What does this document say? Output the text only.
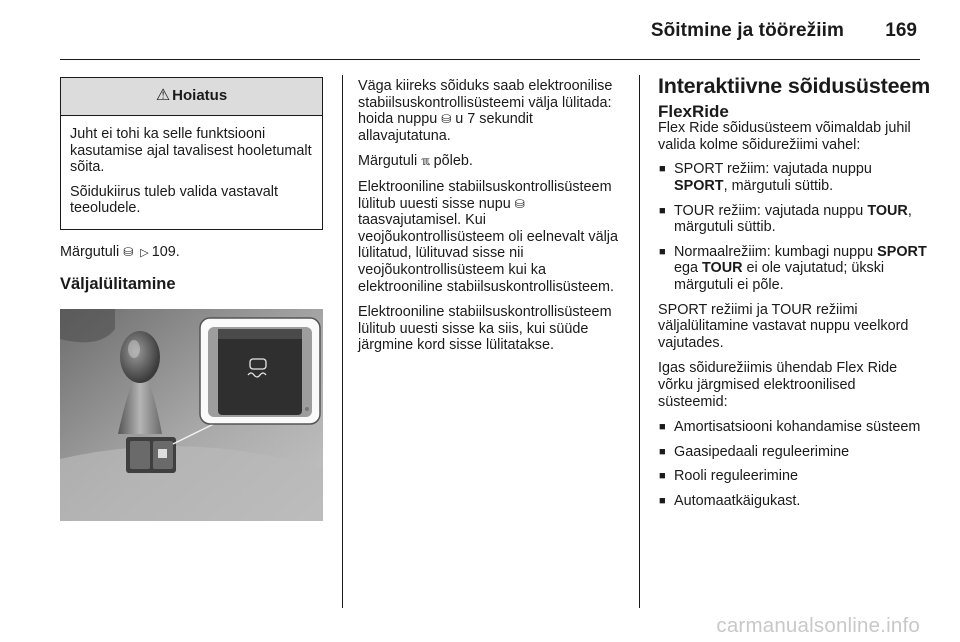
Sõitmine ja töörežiim 169
⚠ Hoiatus

Juht ei tohi ka selle funktsiooni kasutamise ajal tavalisest hooletumalt sõita.

Sõidukiirus tuleb valida vastavalt teeoludele.

Märgutuli ⛁ ▷ 109.

Väljalülitamine

Väga kiireks sõiduks saab elektroonilise stabiilsuskontrollisüsteemi välja lülitada: hoida nuppu ⛁ u 7 sekundit allavajutatuna.

Märgutuli ℼ põleb.

Elektrooniline stabiilsuskontrollisüsteem lülitub uuesti sisse nupu ⛁ taasvajutamisel. Kui veojõukontrollisüsteem oli eelnevalt välja lülitatud, lülituvad sisse nii veojõukontrollisüsteem kui ka elektrooniline stabiilsuskontrollisüsteem.

Elektrooniline stabiilsuskontrollisüsteem lülitub uuesti sisse ka siis, kui süüde järgmine kord sisse lülitatakse.

Interaktiivne sõidusüsteem

FlexRide

Flex Ride sõidusüsteem võimaldab juhil valida kolme sõidurežiimi vahel:

■ SPORT režiim: vajutada nuppu SPORT, märgutuli süttib.
■ TOUR režiim: vajutada nuppu TOUR, märgutuli süttib.
■ Normaalrežiim: kumbagi nuppu SPORT ega TOUR ei ole vajutatud; ükski märgutuli ei põle.

SPORT režiimi ja TOUR režiimi väljalülitamine vastavat nuppu veelkord vajutades.

Igas sõidurežiimis ühendab Flex Ride võrku järgmised elektroonilised süsteemid:

■ Amortisatsiooni kohandamise süsteem
■ Gaasipedaali reguleerimine
■ Rooli reguleerimine
■ Automaatkäigukast.
carmanualsonline.info
